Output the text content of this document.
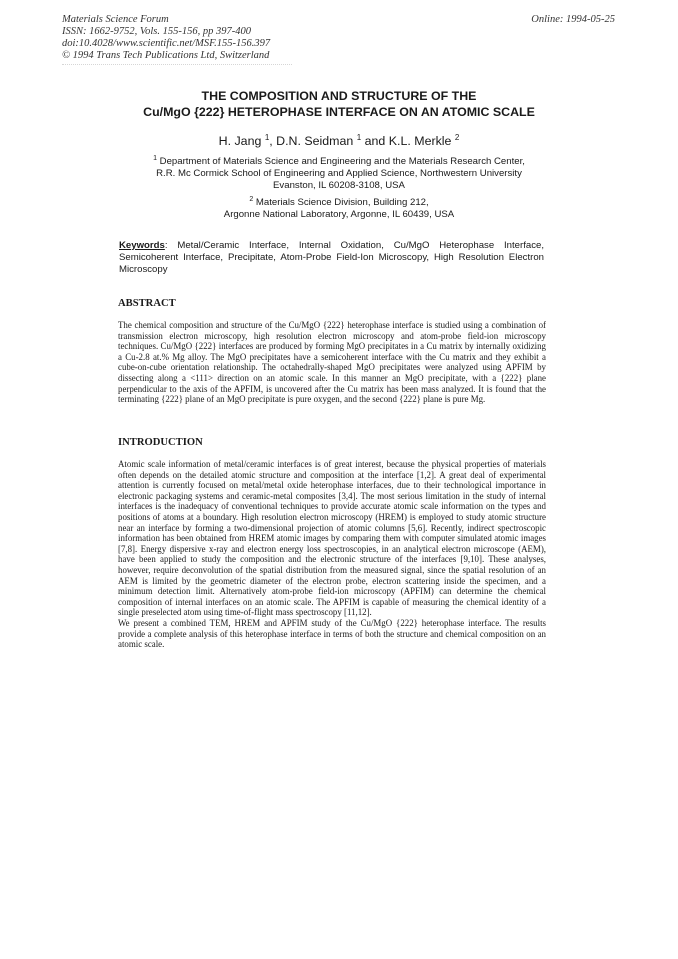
Materials Science Forum
ISSN: 1662-9752, Vols. 155-156, pp 397-400
doi:10.4028/www.scientific.net/MSF.155-156.397
© 1994 Trans Tech Publications Ltd, Switzerland
Online: 1994-05-25
THE COMPOSITION AND STRUCTURE OF THE
Cu/MgO {222} HETEROPHASE INTERFACE ON AN ATOMIC SCALE
H. Jang $^1$, D.N. Seidman $^1$ and K.L. Merkle $^2$
$^1$ Department of Materials Science and Engineering and the Materials Research Center,
R.R. Mc Cormick School of Engineering and Applied Science, Northwestern University
Evanston, IL 60208-3108, USA
$^2$ Materials Science Division, Building 212,
Argonne National Laboratory, Argonne, IL 60439, USA
Keywords: Metal/Ceramic Interface, Internal Oxidation, Cu/MgO Heterophase Interface, Semicoherent Interface, Precipitate, Atom-Probe Field-Ion Microscopy, High Resolution Electron Microscopy
ABSTRACT

The chemical composition and structure of the Cu/MgO {222} heterophase interface is studied using a combination of transmission electron microscopy, high resolution electron microscopy and atom-probe field-ion microscopy techniques. Cu/MgO {222} interfaces are produced by forming MgO precipitates in a Cu matrix by internally oxidizing a Cu-2.8 at.% Mg alloy. The MgO precipitates have a semicoherent interface with the Cu matrix and they exhibit a cube-on-cube orientation relationship. The octahedrally-shaped MgO precipitates were analyzed using APFIM by dissecting along a <111> direction on an atomic scale. In this manner an MgO precipitate, with a {222} plane perpendicular to the axis of the APFIM, is uncovered after the Cu matrix has been mass analyzed. It is found that the terminating {222} plane of an MgO precipitate is pure oxygen, and the second {222} plane is pure Mg.

INTRODUCTION

Atomic scale information of metal/ceramic interfaces is of great interest, because the physical properties of materials often depends on the detailed atomic structure and composition at the interface [1,2]. A great deal of experimental attention is currently focused on metal/metal oxide heterophase interfaces, due to their technological importance in electronic packaging systems and ceramic-metal composites [3,4]. The most serious limitation in the study of internal interfaces is the inadequacy of conventional techniques to provide accurate atomic scale information on the types and positions of atoms at a boundary. High resolution electron microscopy (HREM) is employed to study atomic structure near an interface by forming a two-dimensional projection of atomic columns [5,6]. Recently, indirect spectroscopic information has been obtained from HREM atomic images by comparing them with computer simulated atomic images [7,8]. Energy dispersive x-ray and electron energy loss spectroscopies, in an analytical electron microscope (AEM), have been applied to study the composition and the electronic structure of the interfaces [9,10]. These analyses, however, require deconvolution of the spatial distribution from the measured signal, since the spatial resolution of an AEM is limited by the geometric diameter of the electron probe, electron scattering inside the specimen, and a minimum detection limit. Alternatively atom-probe field-ion microscopy (APFIM) can determine the chemical composition of internal interfaces on an atomic scale. The APFIM is capable of measuring the chemical identity of a single preselected atom using time-of-flight mass spectroscopy [11,12].

We present a combined TEM, HREM and APFIM study of the Cu/MgO {222} heterophase interface. The results provide a complete analysis of this heterophase interface in terms of both the structure and chemical composition on an atomic scale.
